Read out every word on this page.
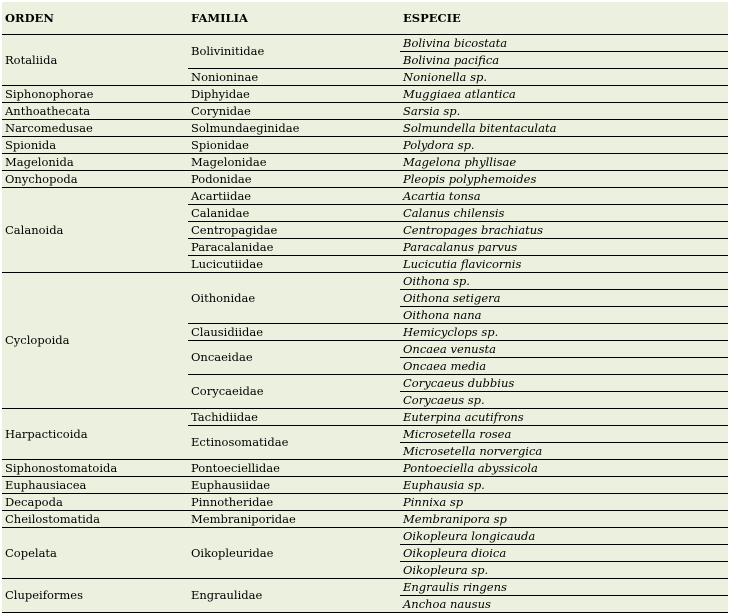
ORDEN	FAMILIA	ESPECIE
Rotaliida	Bolivinitidae	Bolivina bicostata
		Bolivina pacifica
	Nonioninae	Nonionella sp.
Siphonophorae	Diphyidae	Muggiaea atlantica
Anthoathecata	Corynidae	Sarsia sp.
Narcomedusae	Solmundaeginidae	Solmundella bitentaculata
Spionida	Spionidae	Polydora sp.
Magelonida	Magelonidae	Magelona phyllisae
Onychopoda	Podonidae	Pleopis polyphemoides
Calanoida	Acartiidae	Acartia tonsa
	Calanidae	Calanus chilensis
	Centropagidae	Centropages brachiatus
	Paracalanidae	Paracalanus parvus
	Lucicutiidae	Lucicutia flavicornis
Cyclopoida	Oithonidae	Oithona sp.
		Oithona setigera
		Oithona nana
	Clausidiidae	Hemicyclops sp.
	Oncaeidae	Oncaea venusta
		Oncaea media
	Corycaeidae	Corycaeus dubbius
		Corycaeus sp.
Harpacticoida	Tachidiidae	Euterpina acutifrons
	Ectinosomatidae	Microsetella rosea
		Microsetella norvergica
Siphonostomatoida	Pontoeciellidae	Pontoeciella abyssicola
Euphausiacea	Euphausiidae	Euphausia sp.
Decapoda	Pinnotheridae	Pinnixa sp
Cheilostomatida	Membraniporidae	Membranipora sp
Copelata	Oikopleuridae	Oikopleura longicauda
		Oikopleura dioica
		Oikopleura sp.
Clupeiformes	Engraulidae	Engraulis ringens
		Anchoa nausus
